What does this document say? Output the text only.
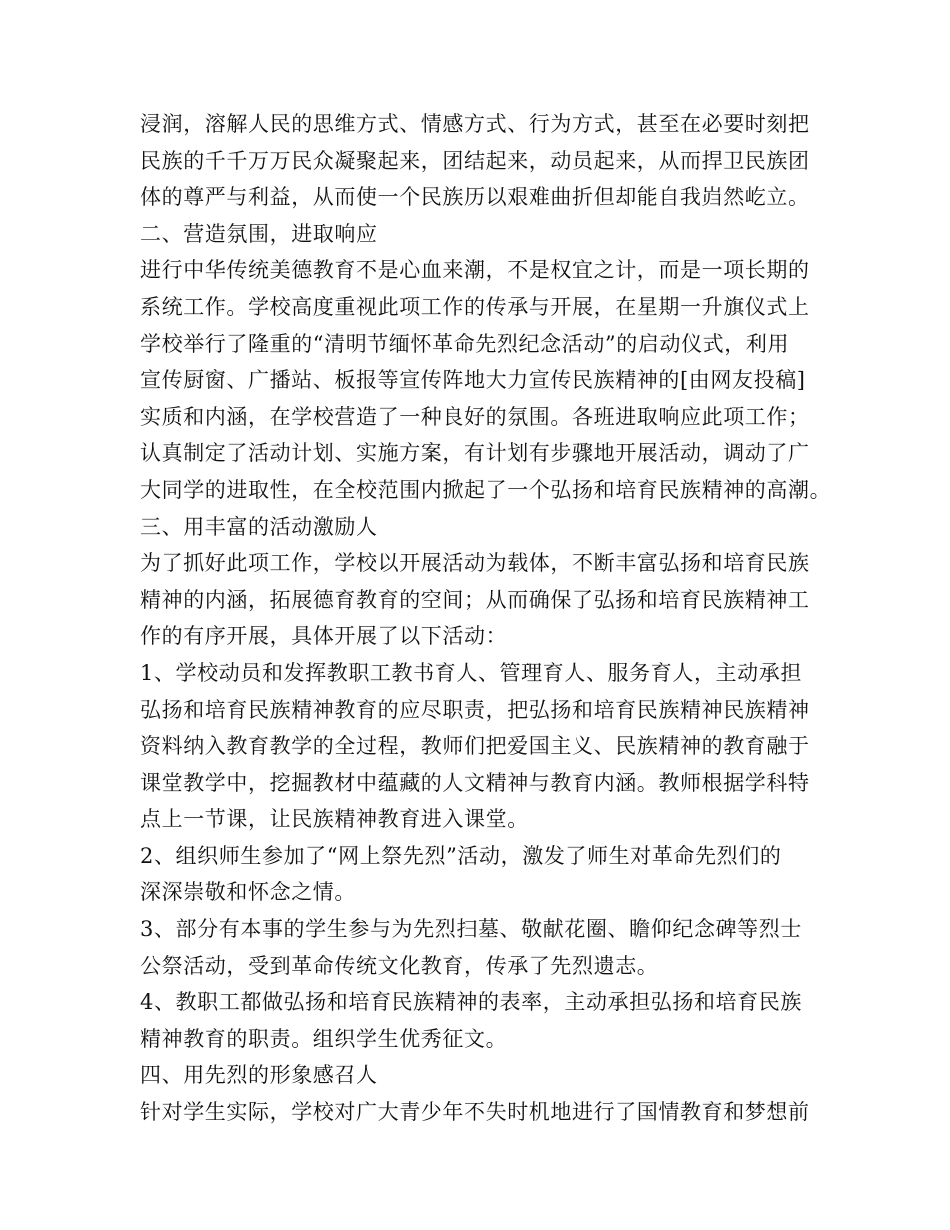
浸润，溶解人民的思维方式、情感方式、行为方式，甚至在必要时刻把
民族的千千万万民众凝聚起来，团结起来，动员起来，从而捍卫民族团
体的尊严与利益，从而使一个民族历以艰难曲折但却能自我岿然屹立。
二、营造氛围，进取响应
进行中华传统美德教育不是心血来潮，不是权宜之计，而是一项长期的
系统工作。学校高度重视此项工作的传承与开展，在星期一升旗仪式上
学校举行了隆重的“清明节缅怀革命先烈纪念活动”的启动仪式，利用
宣传厨窗、广播站、板报等宣传阵地大力宣传民族精神的[由网友投稿]
实质和内涵，在学校营造了一种良好的氛围。各班进取响应此项工作；
认真制定了活动计划、实施方案，有计划有步骤地开展活动，调动了广
大同学的进取性，在全校范围内掀起了一个弘扬和培育民族精神的高潮。
三、用丰富的活动激励人
为了抓好此项工作，学校以开展活动为载体，不断丰富弘扬和培育民族
精神的内涵，拓展德育教育的空间；从而确保了弘扬和培育民族精神工
作的有序开展，具体开展了以下活动：
1、学校动员和发挥教职工教书育人、管理育人、服务育人，主动承担
弘扬和培育民族精神教育的应尽职责，把弘扬和培育民族精神民族精神
资料纳入教育教学的全过程，教师们把爱国主义、民族精神的教育融于
课堂教学中，挖掘教材中蕴藏的人文精神与教育内涵。教师根据学科特
点上一节课，让民族精神教育进入课堂。
2、组织师生参加了“网上祭先烈”活动，激发了师生对革命先烈们的
深深崇敬和怀念之情。
3、部分有本事的学生参与为先烈扫墓、敬献花圈、瞻仰纪念碑等烈士
公祭活动，受到革命传统文化教育，传承了先烈遗志。
4、教职工都做弘扬和培育民族精神的表率，主动承担弘扬和培育民族
精神教育的职责。组织学生优秀征文。
四、用先烈的形象感召人
针对学生实际，学校对广大青少年不失时机地进行了国情教育和梦想前
